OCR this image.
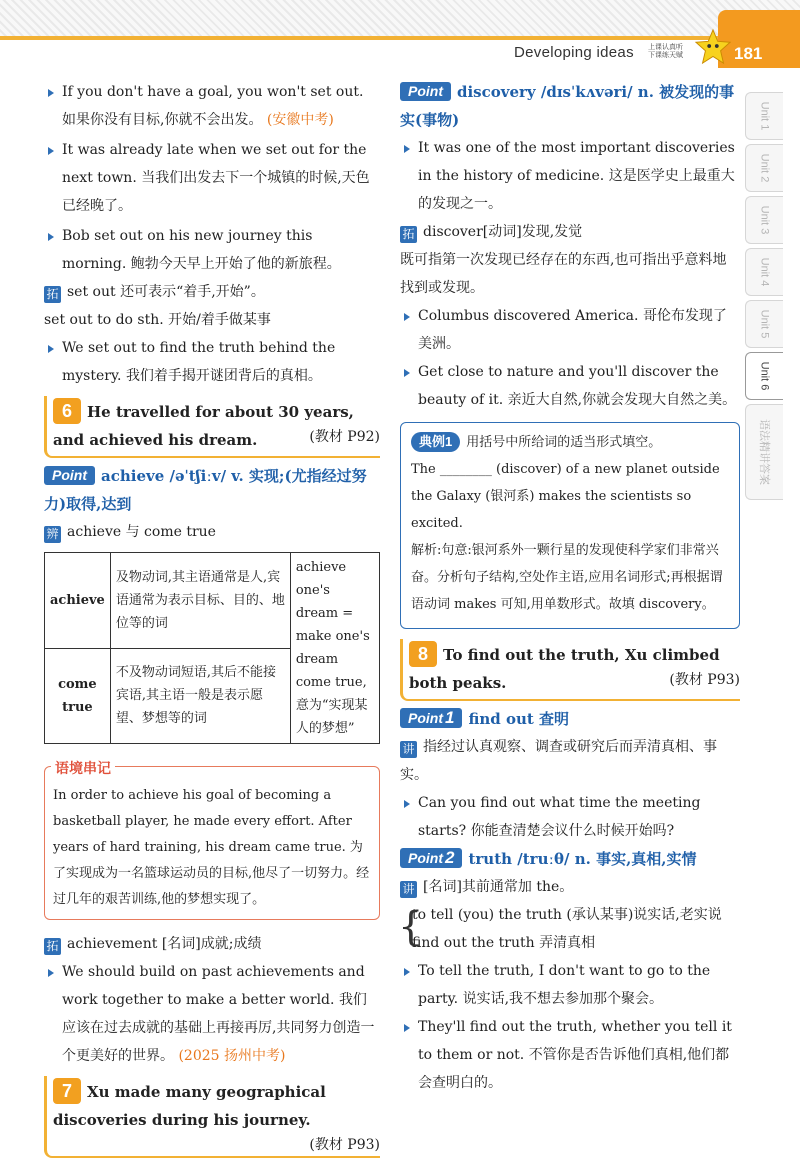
Developing ideas 上课认真听
下课练天赋	181
Unit 1
Unit 2
Unit 3
Unit 4
Unit 5
Unit 6
语法精讲答案

If you don't have a goal, you won't set out. 如果你没有目标,你就不会出发。 (安徽中考)

It was already late when we set out for the next town. 当我们出发去下一个城镇的时候,天色已经晚了。

Bob set out on his new journey this morning. 鲍勃今天早上开始了他的新旅程。

拓 set out 还可表示“着手,开始”。

set out to do sth. 开始/着手做某事

We set out to find the truth behind the mystery. 我们着手揭开谜团背后的真相。

6 He travelled for about 30 years, and achieved his dream.	(教材 P92)

Point achieve /əˈtʃiːv/ v. 实现;(尤指经过努力)取得,达到

辨 achieve 与 come true

achieve	及物动词,其主语通常是人,宾语通常为表示目标、目的、地位等的词	achieve one's dream = make one's dream come true, 意为“实现某人的梦想”
come true	不及物动词短语,其后不能接宾语,其主语一般是表示愿望、梦想等的词	
语境串记
In order to achieve his goal of becoming a basketball player, he made every effort. After years of hard training, his dream came true. 为了实现成为一名篮球运动员的目标,他尽了一切努力。经过几年的艰苦训练,他的梦想实现了。

拓 achievement [名词]成就;成绩

We should build on past achievements and work together to make a better world. 我们应该在过去成就的基础上再接再厉,共同努力创造一个更美好的世界。 (2025 扬州中考)

7 Xu made many geographical discoveries during his journey.
(教材 P93)

Point discovery /dɪsˈkʌvəri/ n. 被发现的事实(事物)

It was one of the most important discoveries in the history of medicine. 这是医学史上最重大的发现之一。

拓 discover[动词]发现,发觉

既可指第一次发现已经存在的东西,也可指出乎意料地找到或发现。

Columbus discovered America. 哥伦布发现了美洲。

Get close to nature and you'll discover the beauty of it. 亲近大自然,你就会发现大自然之美。

典例1 用括号中所给词的适当形式填空。
The ________ (discover) of a new planet outside the Galaxy (银河系) makes the scientists so excited.
解析:句意:银河系外一颗行星的发现使科学家们非常兴奋。分析句子结构,空处作主语,应用名词形式;再根据谓语动词 makes 可知,用单数形式。故填 discovery。
8 To find out the truth, Xu climbed both peaks.	(教材 P93)

Point 1 find out 查明

讲 指经过认真观察、调查或研究后而弄清真相、事实。

Can you find out what time the meeting starts? 你能查清楚会议什么时候开始吗?

Point 2 truth /truːθ/ n. 事实,真相,实情

讲 [名词]其前通常加 the。

{ to tell (you) the truth (承认某事)说实话,老实说

find out the truth 弄清真相

To tell the truth, I don't want to go to the party. 说实话,我不想去参加那个聚会。

They'll find out the truth, whether you tell it to them or not. 不管你是否告诉他们真相,他们都会查明白的。
